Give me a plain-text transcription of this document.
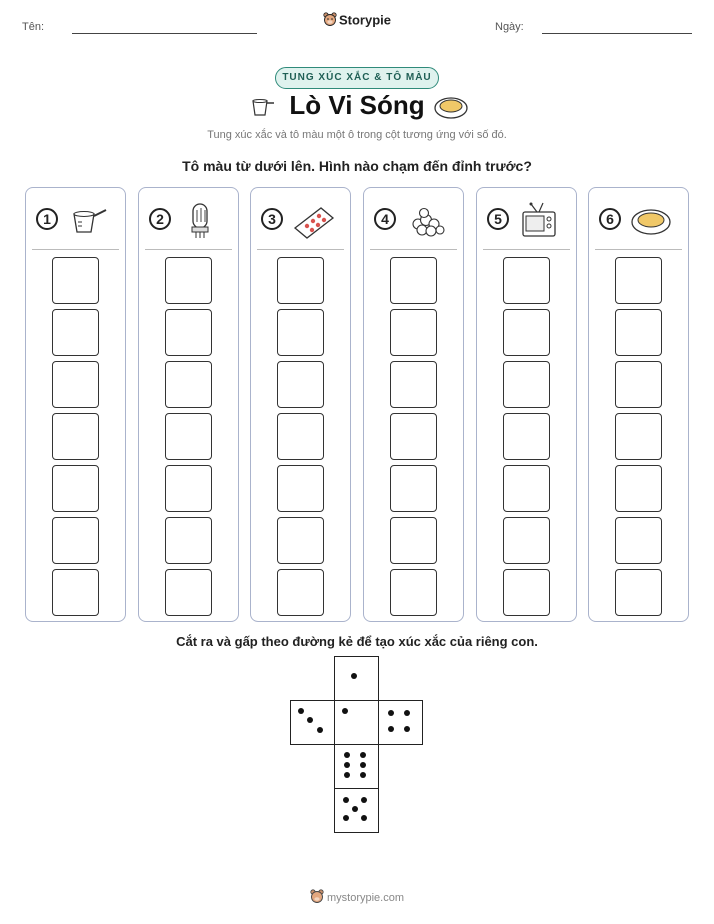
Tên:	Storypie	Ngày:
TUNG XÚC XẮC & TÔ MÀU
Lò Vi Sóng
Tung xúc xắc và tô màu một ô trong cột tương ứng với số đó.
Tô màu từ dưới lên. Hình nào chạm đến đỉnh trước?
1	2	3	4	5	6
Cắt ra và gấp theo đường kẻ để tạo xúc xắc của riêng con.
mystorypie.com
